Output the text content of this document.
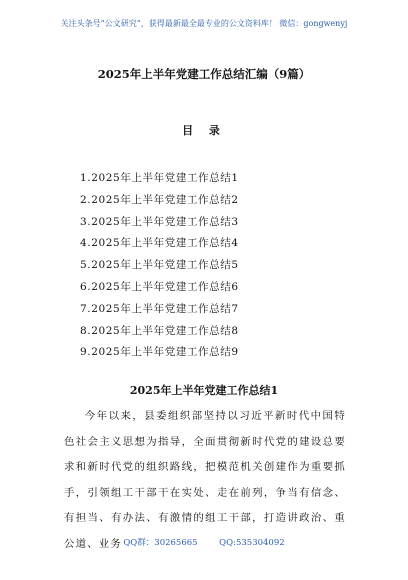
关注头条号“公文研究”，获得最新最全最专业的公文资料库！ 微信：gongwenyj
2025年上半年党建工作总结汇编（9篇）
目 录
1.2025年上半年党建工作总结1
2.2025年上半年党建工作总结2
3.2025年上半年党建工作总结3
4.2025年上半年党建工作总结4
5.2025年上半年党建工作总结5
6.2025年上半年党建工作总结6
7.2025年上半年党建工作总结7
8.2025年上半年党建工作总结8
9.2025年上半年党建工作总结9
2025年上半年党建工作总结1

今年以来，县委组织部坚持以习近平新时代中国特色社会主义思想为指导，全面贯彻新时代党的建设总要求和新时代党的组织路线，把模范机关创建作为重要抓手，引领组工干部干在实处、走在前列，争当有信念、有担当、有办法、有激情的组工干部，打造讲政治、重公道、业务 QQ群：30265665	QQ:535304092
